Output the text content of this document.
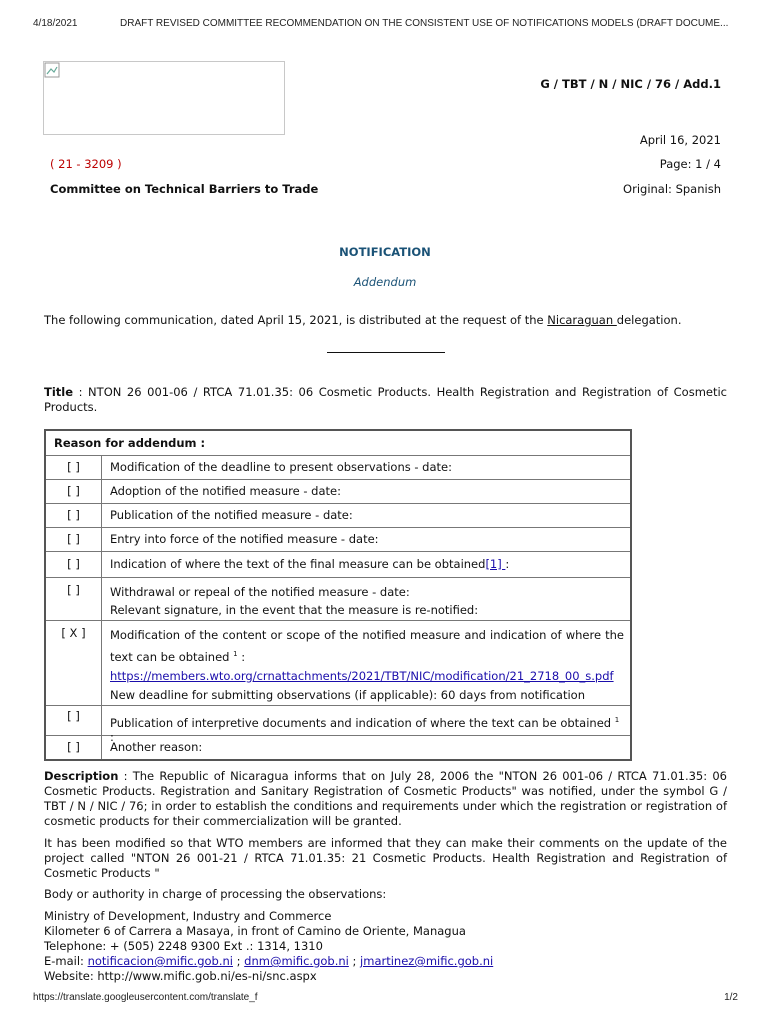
4/18/2021	DRAFT REVISED COMMITTEE RECOMMENDATION ON THE CONSISTENT USE OF NOTIFICATIONS MODELS (DRAFT DOCUME...
G / TBT / N / NIC / 76 / Add.1
April 16, 2021
( 21 - 3209 )	Page: 1 / 4
Committee on Technical Barriers to Trade	Original: Spanish
NOTIFICATION
Addendum
The following communication, dated April 15, 2021, is distributed at the request of the Nicaraguan delegation.
Title : NTON 26 001-06 / RTCA 71.01.35: 06 Cosmetic Products. Health Registration and Registration of Cosmetic Products.
Reason for addendum :
[ ]	Modification of the deadline to present observations - date:
[ ]	Adoption of the notified measure - date:
[ ]	Publication of the notified measure - date:
[ ]	Entry into force of the notified measure - date:
[ ]	Indication of where the text of the final measure can be obtained[1] :
[ ]	Withdrawal or repeal of the notified measure - date:
Relevant signature, in the event that the measure is re-notified:
[ X ]	Modification of the content or scope of the notified measure and indication of where the
text can be obtained $^1$ :
https://members.wto.org/crnattachments/2021/TBT/NIC/modification/21_2718_00_s.pdf
New deadline for submitting observations (if applicable): 60 days from notification
[ ]	Publication of interpretive documents and indication of where the text can be obtained $^1$ :
[ ]	Another reason:
Description : The Republic of Nicaragua informs that on July 28, 2006 the "NTON 26 001-06 / RTCA 71.01.35: 06 Cosmetic Products. Registration and Sanitary Registration of Cosmetic Products" was notified, under the symbol G / TBT / N / NIC / 76; in order to establish the conditions and requirements under which the registration or registration of cosmetic products for their commercialization will be granted.
It has been modified so that WTO members are informed that they can make their comments on the update of the project called "NTON 26 001-21 / RTCA 71.01.35: 21 Cosmetic Products. Health Registration and Registration of Cosmetic Products "
Body or authority in charge of processing the observations:
Ministry of Development, Industry and Commerce
Kilometer 6 of Carrera a Masaya, in front of Camino de Oriente, Managua
Telephone: + (505) 2248 9300 Ext .: 1314, 1310
E-mail: notificacion@mific.gob.ni ; dnm@mific.gob.ni ; jmartinez@mific.gob.ni
Website: http://www.mific.gob.ni/es-ni/snc.aspx
https://translate.googleusercontent.com/translate_f	1/2
